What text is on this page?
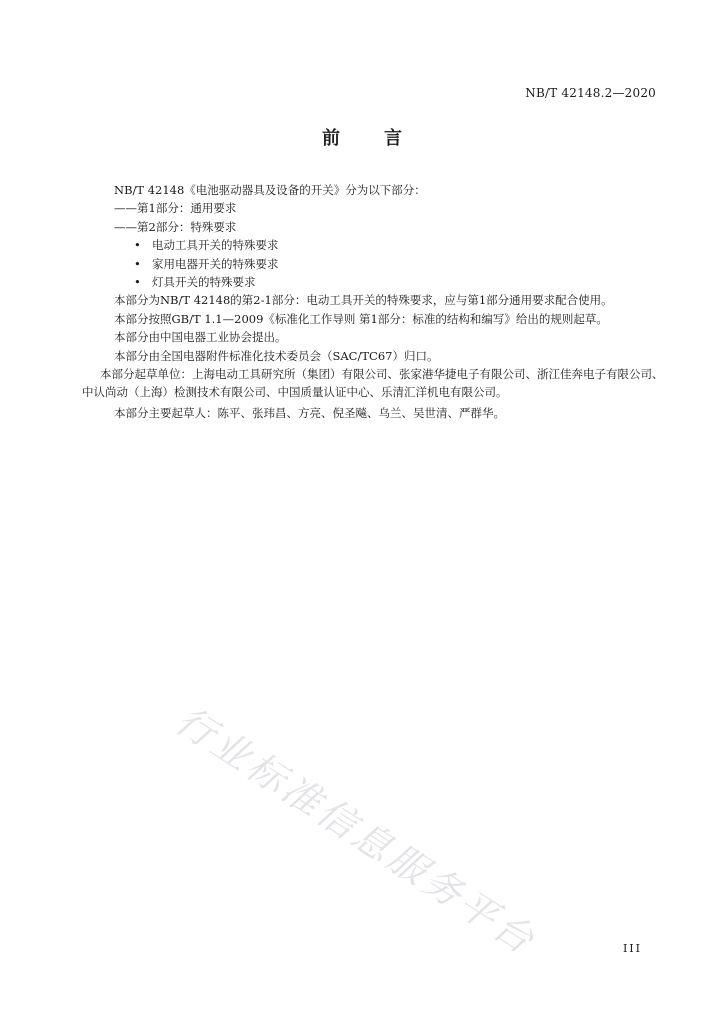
NB/T 42148.2—2020
前言
NB/T 42148《电池驱动器具及设备的开关》分为以下部分：
——第1部分：通用要求
——第2部分：特殊要求
• 电动工具开关的特殊要求
• 家用电器开关的特殊要求
• 灯具开关的特殊要求
本部分为NB/T 42148的第2-1部分：电动工具开关的特殊要求，应与第1部分通用要求配合使用。
本部分按照GB/T 1.1—2009《标准化工作导则 第1部分：标准的结构和编写》给出的规则起草。
本部分由中国电器工业协会提出。
本部分由全国电器附件标准化技术委员会（SAC/TC67）归口。
本部分起草单位：上海电动工具研究所（集团）有限公司、张家港华捷电子有限公司、浙江佳奔电子有限公司、中认尚动（上海）检测技术有限公司、中国质量认证中心、乐清汇洋机电有限公司。
本部分主要起草人：陈平、张玮昌、方亮、倪圣飚、乌兰、吴世清、严群华。
行业标准信息服务平台	III
